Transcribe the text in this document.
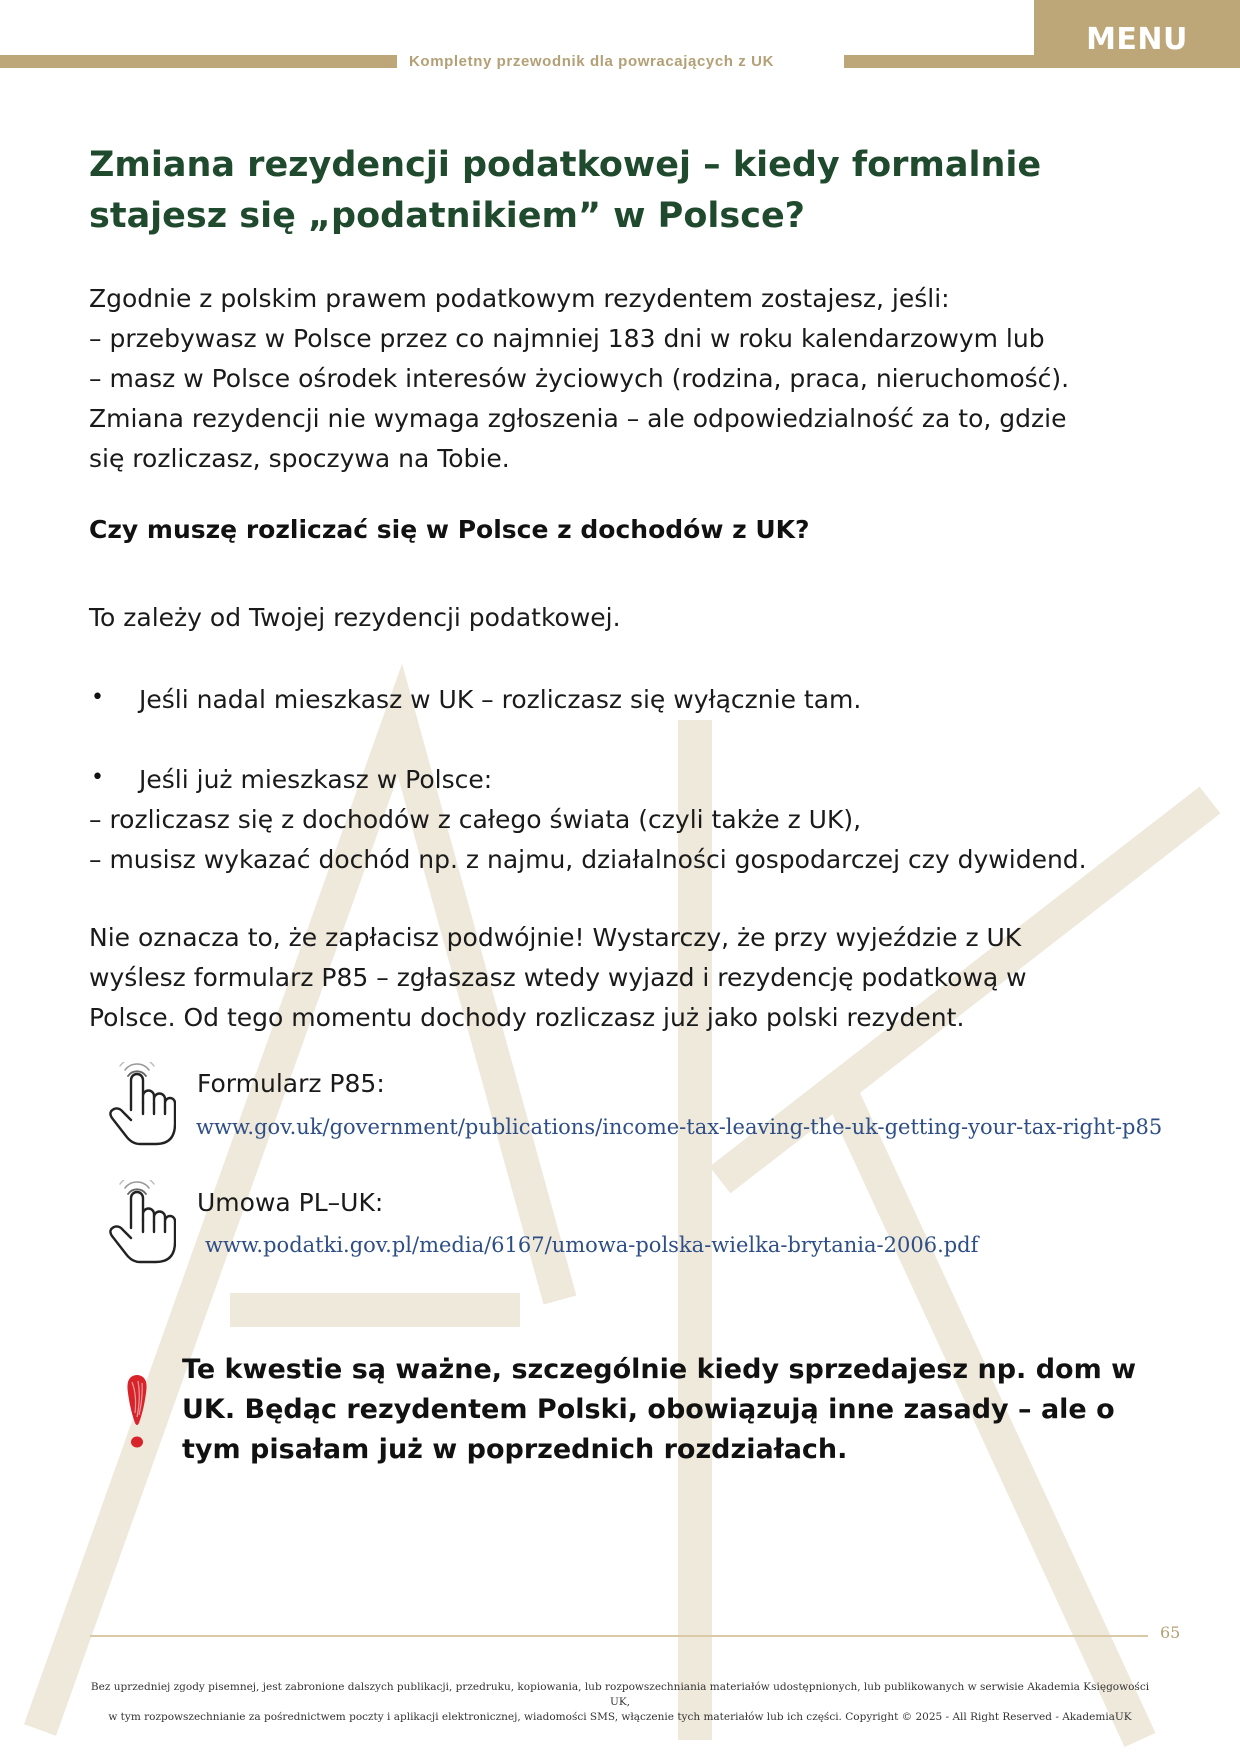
Kompletny przewodnik dla powracających z UK
MENU
Zmiana rezydencji podatkowej – kiedy formalnie
stajesz się „podatnikiem” w Polsce?
Zgodnie z polskim prawem podatkowym rezydentem zostajesz, jeśli:
– przebywasz w Polsce przez co najmniej 183 dni w roku kalendarzowym lub
– masz w Polsce ośrodek interesów życiowych (rodzina, praca, nieruchomość).
Zmiana rezydencji nie wymaga zgłoszenia – ale odpowiedzialność za to, gdzie
się rozliczasz, spoczywa na Tobie.
Czy muszę rozliczać się w Polsce z dochodów z UK?
To zależy od Twojej rezydencji podatkowej.
• Jeśli nadal mieszkasz w UK – rozliczasz się wyłącznie tam.
• Jeśli już mieszkasz w Polsce:
– rozliczasz się z dochodów z całego świata (czyli także z UK),
– musisz wykazać dochód np. z najmu, działalności gospodarczej czy dywidend.
Nie oznacza to, że zapłacisz podwójnie! Wystarczy, że przy wyjeździe z UK
wyślesz formularz P85 – zgłaszasz wtedy wyjazd i rezydencję podatkową w
Polsce. Od tego momentu dochody rozliczasz już jako polski rezydent.
Formularz P85:
www.gov.uk/government/publications/income-tax-leaving-the-uk-getting-your-tax-right-p85
Umowa PL–UK:
www.podatki.gov.pl/media/6167/umowa-polska-wielka-brytania-2006.pdf

Te kwestie są ważne, szczególnie kiedy sprzedajesz np. dom w UK. Będąc rezydentem Polski, obowiązują inne zasady – ale o tym pisałam już w poprzednich rozdziałach.

65

Bez uprzedniej zgody pisemnej, jest zabronione dalszych publikacji, przedruku, kopiowania, lub rozpowszechniania materiałów udostępnionych, lub publikowanych w serwisie Akademia Księgowości UK,
w tym rozpowszechnianie za pośrednictwem poczty i aplikacji elektronicznej, wiadomości SMS, włączenie tych materiałów lub ich części. Copyright © 2025 - All Right Reserved - AkademiaUK
